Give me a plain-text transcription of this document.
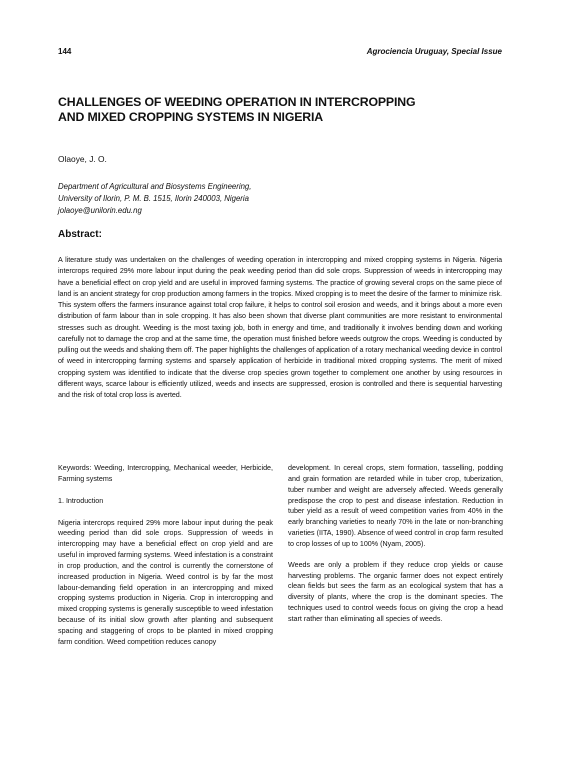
144	Agrociencia Uruguay, Special Issue
CHALLENGES OF WEEDING OPERATION IN INTERCROPPING
AND MIXED CROPPING SYSTEMS IN NIGERIA
Olaoye, J. O.
Department of Agricultural and Biosystems Engineering,
University of Ilorin, P. M. B. 1515, Ilorin 240003, Nigeria
jolaoye@unilorin.edu.ng
Abstract:

A literature study was undertaken on the challenges of weeding operation in intercropping and mixed cropping systems in Nigeria. Nigeria intercrops required 29% more labour input during the peak weeding period than did sole crops. Suppression of weeds in intercropping may have a beneficial effect on crop yield and are useful in improved farming systems. The practice of growing several crops on the same piece of land is an ancient strategy for crop production among farmers in the tropics. Mixed cropping is to meet the desire of the farmer to minimize risk. This system offers the farmers insurance against total crop failure, it helps to control soil erosion and weeds, and it brings about a more even distribution of farm labour than in sole cropping. It has also been shown that diverse plant communities are more resistant to environmental stresses such as drought. Weeding is the most taxing job, both in energy and time, and traditionally it involves bending down and working carefully not to damage the crop and at the same time, the operation must finished before weeds outgrow the crops. Weeding is conducted by pulling out the weeds and shaking them off. The paper highlights the challenges of application of a rotary mechanical weeding device in control of weed in intercropping farming systems and sparsely application of herbicide in traditional mixed cropping systems. The merit of mixed cropping system was identified to indicate that the diverse crop species grown together to complement one another by using resources in different ways, scarce labour is efficiently utilized, weeds and insects are suppressed, erosion is controlled and there is sequential harvesting and the risk of total crop loss is averted.

Keywords: Weeding, Intercropping, Mechanical weeder, Herbicide, Farming systems

1. Introduction

Nigeria intercrops required 29% more labour input during the peak weeding period than did sole crops. Suppression of weeds in intercropping may have a beneficial effect on crop yield and are useful in improved farming systems. Weed infestation is a constraint in crop production, and the control is currently the cornerstone of increased production in Nigeria. Weed control is by far the most labour-demanding field operation in an intercropping and mixed cropping systems production in Nigeria. Crop in intercropping and mixed cropping systems is generally susceptible to weed infestation because of its initial slow growth after planting and subsequent spacing and staggering of crops to be planted in mixed cropping farm condition. Weed competition reduces canopy

development. In cereal crops, stem formation, tasselling, podding and grain formation are retarded while in tuber crop, tuberization, tuber number and weight are adversely affected. Weeds generally predispose the crop to pest and disease infestation. Reduction in tuber yield as a result of weed competition varies from 40% in the early branching varieties to nearly 70% in the late or non-branching varieties (IITA, 1990). Absence of weed control in crop farm resulted to crop losses of up to 100% (Nyam, 2005).

Weeds are only a problem if they reduce crop yields or cause harvesting problems. The organic farmer does not expect entirely clean fields but sees the farm as an ecological system that has a diversity of plants, where the crop is the dominant species. The techniques used to control weeds focus on giving the crop a head start rather than eliminating all species of weeds.
